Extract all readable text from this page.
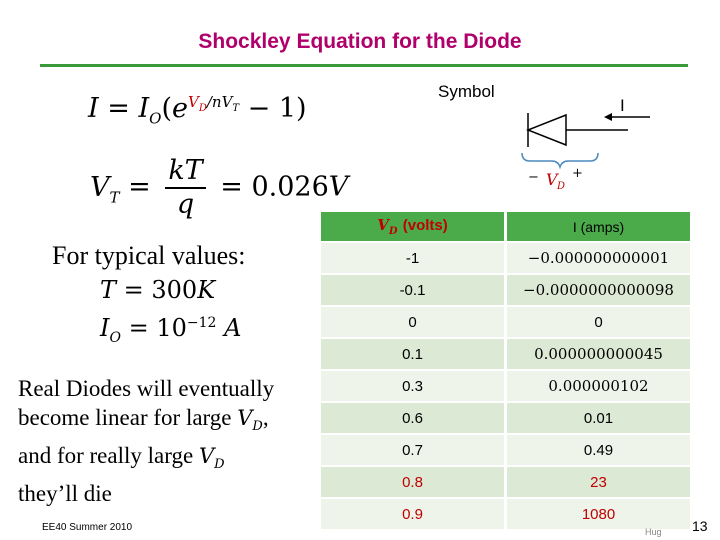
Shockley Equation for the Diode
$I = I_O(e^{V_D/nV_T} - 1)$
$V_T = \frac{kT}{q} = 0.026V$
For typical values:
T = 300K
$I_O = 10^{-12}$ A
Real Diodes will eventually
become linear for large $V_D$,
and for really large $V_D$
they’ll die
Symbol
I
− V D
+
$V_D$ (volts)		I (amps)
-1		−0.000000000001
-0.1		−0.0000000000098
0		0
0.1		0.000000000045
0.3		0.000000102
0.6		0.01
0.7		0.49
0.8		23
0.9		1080
EE40 Summer 2010	Hug 13
